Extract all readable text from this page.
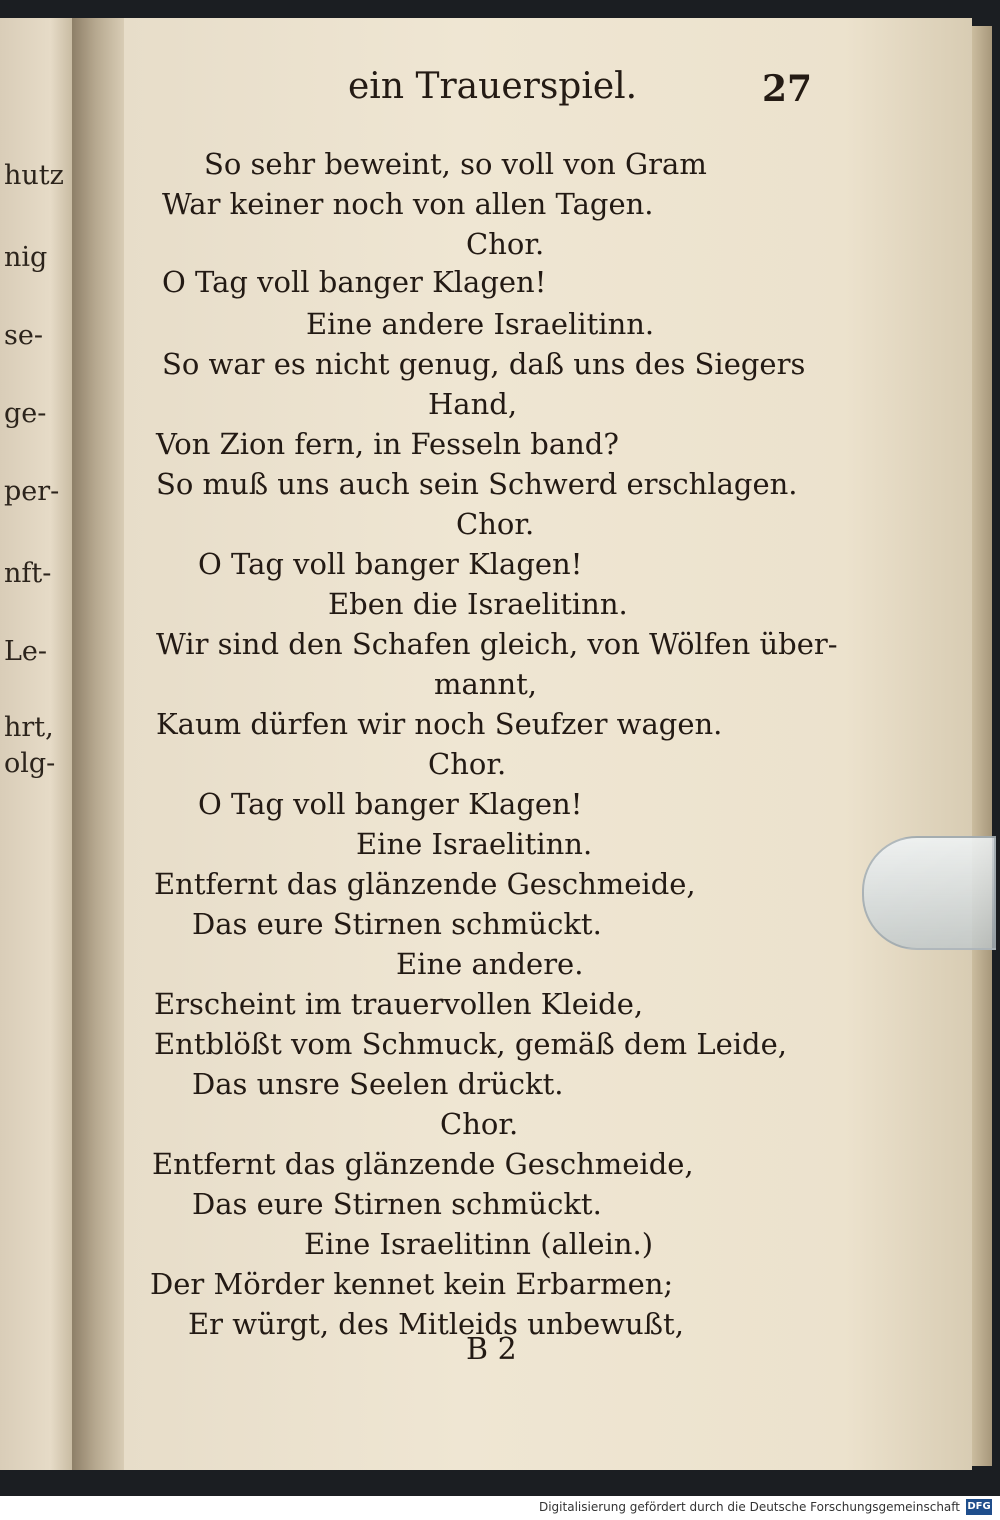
hutz
nig
se-
ge-
per-
nft-
Le-
hrt,
olg-
ein Trauerspiel.	27
So sehr beweint, so voll von Gram
War keiner noch von allen Tagen.
Chor.
O Tag voll banger Klagen!
Eine andere Israelitinn.
So war es nicht genug, daß uns des Siegers
Hand,
Von Zion fern, in Fesseln band?
So muß uns auch sein Schwerd erschlagen.
Chor.
O Tag voll banger Klagen!
Eben die Israelitinn.
Wir sind den Schafen gleich, von Wölfen über-
mannt,
Kaum dürfen wir noch Seufzer wagen.
Chor.
O Tag voll banger Klagen!
Eine Israelitinn.
Entfernt das glänzende Geschmeide,
Das eure Stirnen schmückt.
Eine andere.
Erscheint im trauervollen Kleide,
Entblößt vom Schmuck, gemäß dem Leide,
Das unsre Seelen drückt.
Chor.
Entfernt das glänzende Geschmeide,
Das eure Stirnen schmückt.
Eine Israelitinn (allein.)
Der Mörder kennet kein Erbarmen;
Er würgt, des Mitleids unbewußt,
B 2
Digitalisierung gefördert durch die Deutsche Forschungsgemeinschaft DFG
